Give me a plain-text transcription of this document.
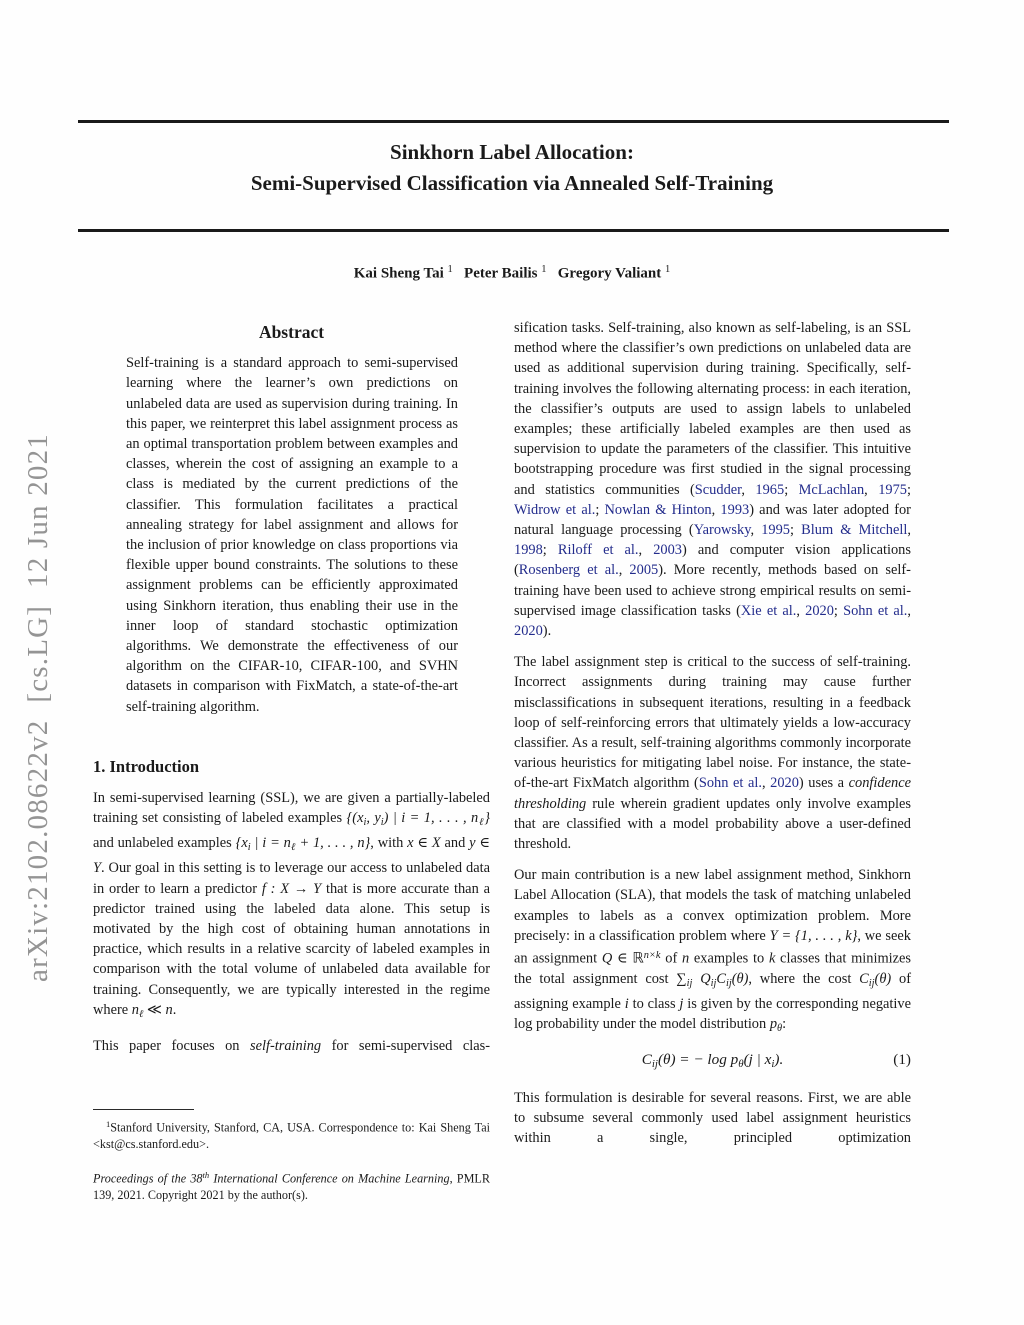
arXiv:2102.08622v2  [cs.LG]  12 Jun 2021
Sinkhorn Label Allocation:
Semi-Supervised Classification via Annealed Self-Training
Kai Sheng Tai $^1$   Peter Bailis $^1$   Gregory Valiant $^1$
Abstract
Self-training is a standard approach to semi-supervised learning where the learner’s own predictions on unlabeled data are used as supervision during training. In this paper, we reinterpret this label assignment process as an optimal transportation problem between examples and classes, wherein the cost of assigning an example to a class is mediated by the current predictions of the classifier. This formulation facilitates a practical annealing strategy for label assignment and allows for the inclusion of prior knowledge on class proportions via flexible upper bound constraints. The solutions to these assignment problems can be efficiently approximated using Sinkhorn iteration, thus enabling their use in the inner loop of standard stochastic optimization algorithms. We demonstrate the effectiveness of our algorithm on the CIFAR-10, CIFAR-100, and SVHN datasets in comparison with FixMatch, a state-of-the-art self-training algorithm.
1. Introduction

In semi-supervised learning (SSL), we are given a partially-labeled training set consisting of labeled examples {($x_i$, $y_i$) | i = 1, . . . , $n_\ell$} and unlabeled examples {$x_i$ | $i = n_\ell + 1$, . . . , n}, with x ∈ X and y ∈ Y. Our goal in this setting is to leverage our access to unlabeled data in order to learn a predictor f : X → Y that is more accurate than a predictor trained using the labeled data alone. This setup is motivated by the high cost of obtaining human annotations in practice, which results in a relative scarcity of labeled examples in comparison with the total volume of unlabeled data available for training. Consequently, we are typically interested in the regime where $n_\ell$ ≪ n.

This paper focuses on self-training for semi-supervised clas-

$^1$Stanford University, Stanford, CA, USA. Correspondence to: Kai Sheng Tai <kst@cs.stanford.edu>.

Proceedings of the 38th International Conference on Machine Learning, PMLR 139, 2021. Copyright 2021 by the author(s).

sification tasks. Self-training, also known as self-labeling, is an SSL method where the classifier’s own predictions on unlabeled data are used as additional supervision during training. Specifically, self-training involves the following alternating process: in each iteration, the classifier’s outputs are used to assign labels to unlabeled examples; these artificially labeled examples are then used as supervision to update the parameters of the classifier. This intuitive bootstrapping procedure was first studied in the signal processing and statistics communities (Scudder, 1965; McLachlan, 1975; Widrow et al.; Nowlan & Hinton, 1993) and was later adopted for natural language processing (Yarowsky, 1995; Blum & Mitchell, 1998; Riloff et al., 2003) and computer vision applications (Rosenberg et al., 2005). More recently, methods based on self-training have been used to achieve strong empirical results on semi-supervised image classification tasks (Xie et al., 2020; Sohn et al., 2020).

The label assignment step is critical to the success of self-training. Incorrect assignments during training may cause further misclassifications in subsequent iterations, resulting in a feedback loop of self-reinforcing errors that ultimately yields a low-accuracy classifier. As a result, self-training algorithms commonly incorporate various heuristics for mitigating label noise. For instance, the state-of-the-art FixMatch algorithm (Sohn et al., 2020) uses a confidence thresholding rule wherein gradient updates only involve examples that are classified with a model probability above a user-defined threshold.

Our main contribution is a new label assignment method, Sinkhorn Label Allocation (SLA), that models the task of matching unlabeled examples to labels as a convex optimization problem. More precisely: in a classification problem where Y = {1, . . . , k}, we seek an assignment Q ∈ ℝ$^{n\times k}$ of n examples to k classes that minimizes the total assignment cost $\sum_{ij}$ $Q_{ij}C_{ij}(\theta)$, where the cost $C_{ij}(\theta)$ of assigning example i to class j is given by the corresponding negative log probability under the model distribution $p_\theta$:

$C_{ij}(\theta)$ = − $\log p_\theta(j$ | $x_i$).	(1)

This formulation is desirable for several reasons. First, we are able to subsume several commonly used label assignment heuristics within a single, principled optimization
